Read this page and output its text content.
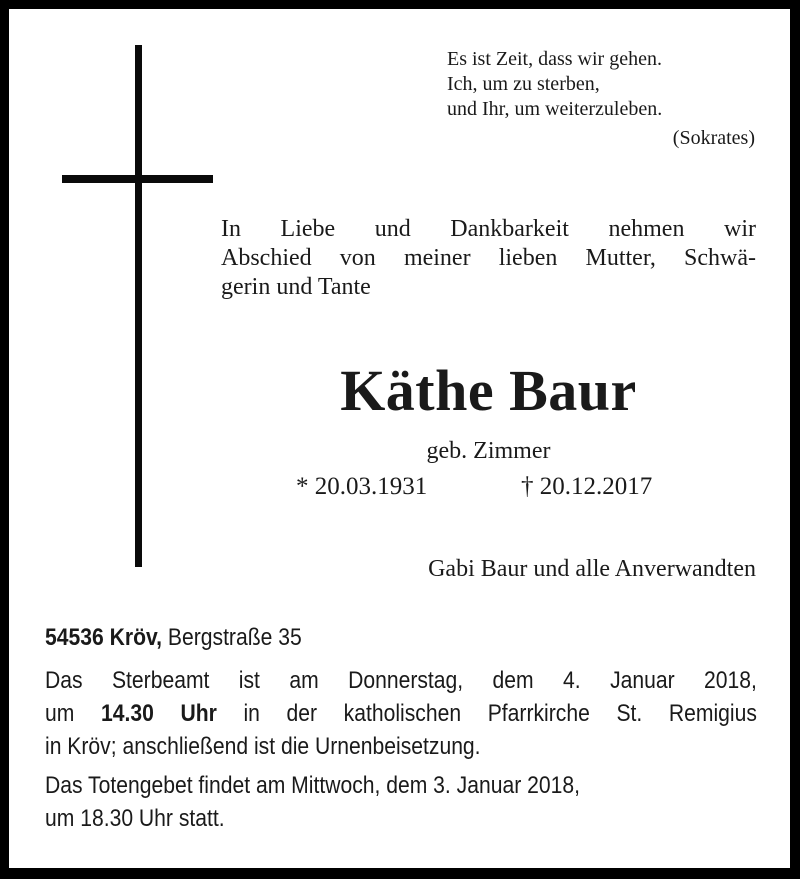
Es ist Zeit, dass wir gehen.
Ich, um zu sterben,
und Ihr, um weiterzuleben.
(Sokrates)
In Liebe und Dankbarkeit nehmen wir
Abschied von meiner lieben Mutter, Schwä-
gerin und Tante
Käthe Baur
geb. Zimmer
* 20.03.1931	† 20.12.2017
Gabi Baur und alle Anverwandten

54536 Kröv, Bergstraße 35

Das Sterbeamt ist am Donnerstag, dem 4. Januar 2018,
um 14.30 Uhr in der katholischen Pfarrkirche St. Remigius
in Kröv; anschließend ist die Urnenbeisetzung.

Das Totengebet findet am Mittwoch, dem 3. Januar 2018,
um 18.30 Uhr statt.
